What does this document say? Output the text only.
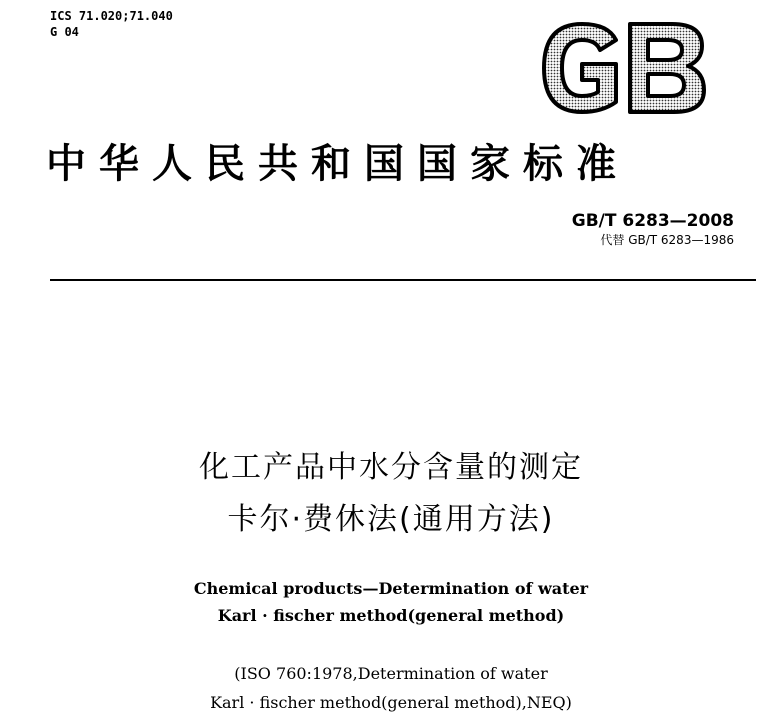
ICS 71.020;71.040
G 04
中华人民共和国国家标准
GB/T 6283—2008
代替 GB/T 6283—1986
化工产品中水分含量的测定
卡尔·费休法(通用方法)
Chemical products—Determination of water
Karl · fischer method(general method)
(ISO 760:1978,Determination of water
Karl · fischer method(general method),NEQ)
